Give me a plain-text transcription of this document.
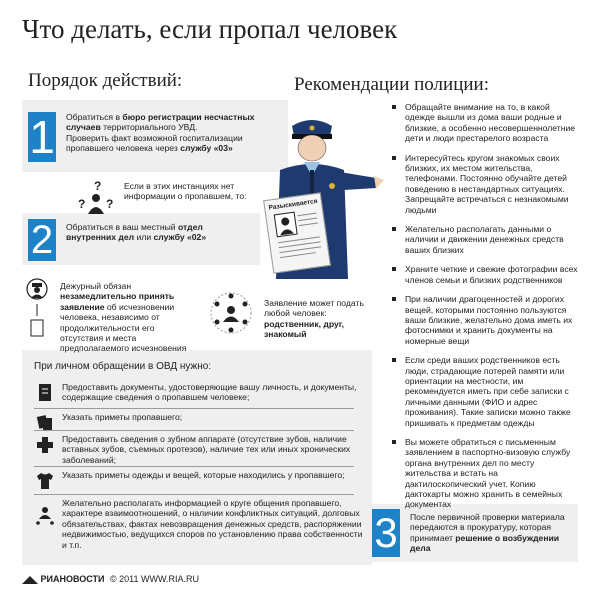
Что делать, если пропал человек
Порядок действий:	Рекомендации полиции:
1 Обратиться в бюро регистрации несчастных случаев территориального УВД.
Проверить факт возможной госпитализации пропавшего человека через службу «03»
?
? ?
Если в этих инстанциях нет информации о пропавшем, то:
2	Обратиться в ваш местный отдел внутренних дел или службу «02»
Дежурный обязан незамедлительно принять заявление об исчезновении человека, независимо от продолжительности его отсутствия и места предполагаемого исчезновения
Заявление может подать любой человек: родственник, друг, знакомый
При личном обращении в ОВД нужно:
Предоставить документы, удостоверяющие вашу личность, и документы, содержащие сведения о пропавшем человеке;
Указать приметы пропавшего;
Предоставить сведения о зубном аппарате (отсутствие зубов, наличие вставных зубов, съемных протезов), наличие тех или иных хронических заболеваний;
Указать приметы одежды и вещей, которые находились у пропавшего;
Желательно располагать информацией о круге общения пропавшего, характере взаимоотношений, о наличии конфликтных ситуаций, долговых обязательствах, фактах невозвращения денежных средств, распоряжении недвижимостью, ведущихся споров по установлению права собственности и т.п.
Разыскивается
Обращайте внимание на то, в какой одежде вышли из дома ваши родные и близкие, а особенно несовершеннолетние дети и люди престарелого возраста
Интересуйтесь кругом знакомых своих близких, их местом жительства, телефонами. Постоянно обучайте детей поведению в нестандартных ситуациях. Запрещайте встречаться с незнакомыми людьми
Желательно располагать данными о наличии и движении денежных средств ваших близких
Храните четкие и свежие фотографии всех членов семьи и близких родственников
При наличии драгоценностей и дорогих вещей, которыми постоянно пользуются ваши близкие, желательно дома иметь их фотоснимки и хранить документы на номерные вещи
Если среди ваших родственников есть люди, страдающие потерей памяти или ориентации на местности, им рекомендуется иметь при себе записки с личными данными (ФИО и адрес проживания). Такие записки можно также пришивать к предметам одежды
Вы можете обратиться с письменным заявлением в паспортно-визовую службу органа внутренних дел по месту жительства и встать на дактилоскопический учет. Копию дактокарты можно хранить в семейных документах
3 После первичной проверки материала передаются в прокуратуру, которая принимает решение о возбуждении дела
РИАНОВОСТИ © 2011 WWW.RIA.RU
